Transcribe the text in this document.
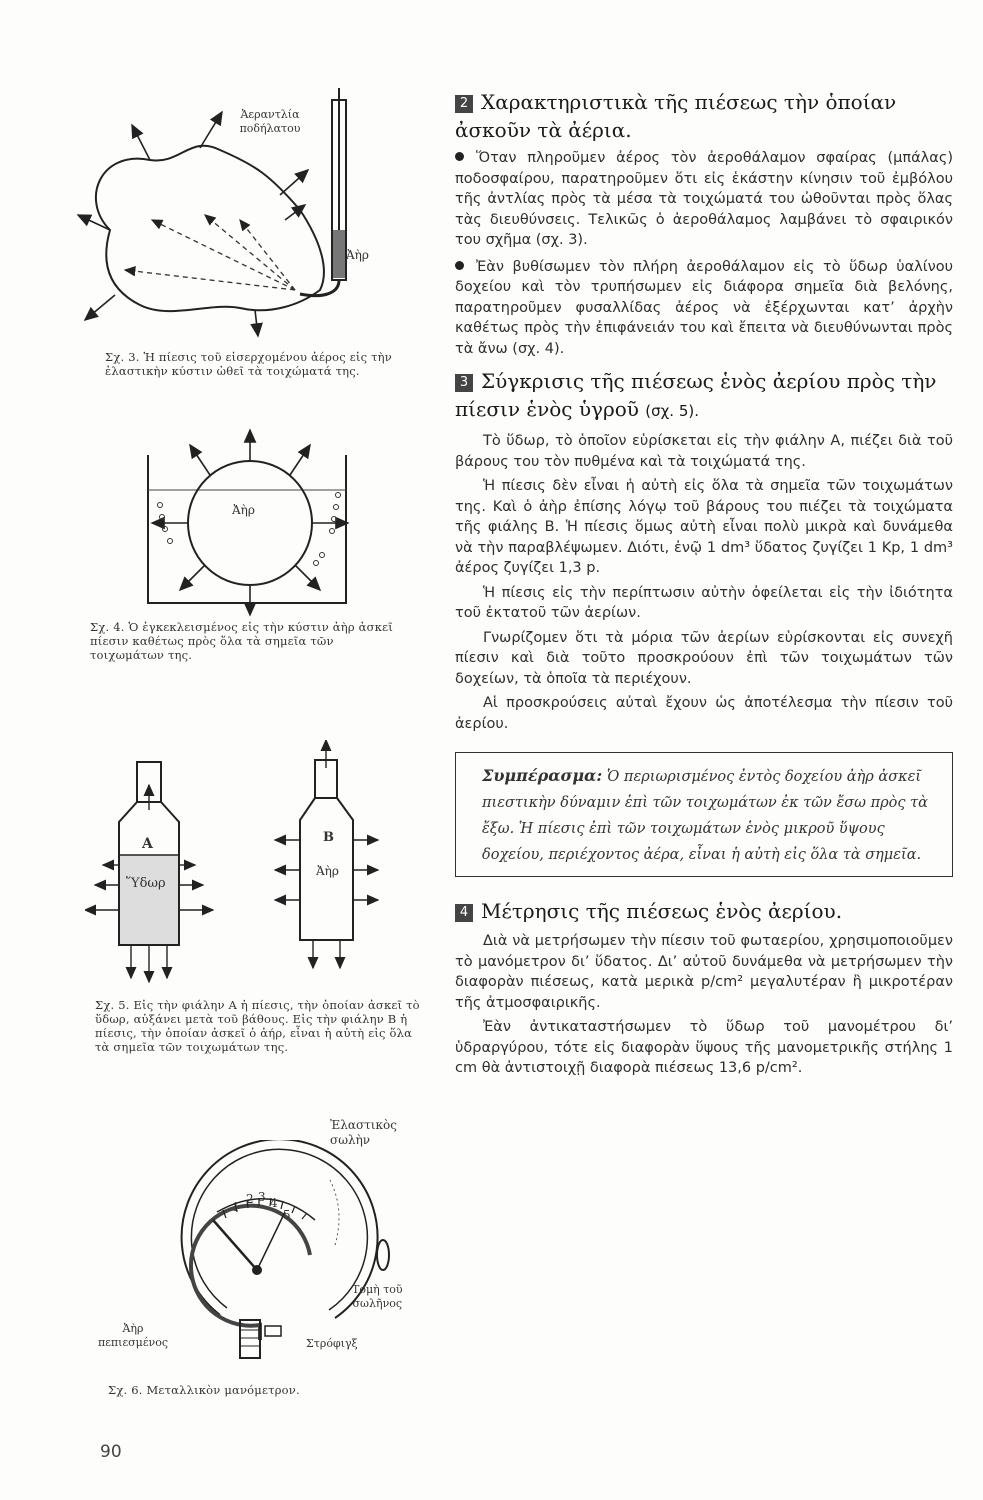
Ἀεραντλία
ποδήλατου
Ἀὴρ
Σχ. 3. Ἡ πίεσις τοῦ εἰσερχομένου ἀέρος εἰς τὴν ἐλαστικὴν κύστιν ὠθεῖ τὰ τοιχώματά της.
Ἀὴρ
Σχ. 4. Ὁ ἐγκεκλεισμένος εἰς τὴν κύστιν ἀὴρ ἀσκεῖ πίεσιν καθέτως πρὸς ὅλα τὰ σημεῖα τῶν τοιχωμάτων της.
Α
Ὕδωρ
Β
Ἀὴρ
Σχ. 5. Εἰς τὴν φιάλην Α ἡ πίεσις, τὴν ὁποίαν ἀσκεῖ τὸ ὕδωρ, αὐξάνει μετὰ τοῦ βάθους. Εἰς τὴν φιάλην Β ἡ πίεσις, τὴν ὁποίαν ἀσκεῖ ὁ ἀήρ, εἶναι ἡ αὐτὴ εἰς ὅλα τὰ σημεῖα τῶν τοιχωμάτων της.
1
2 3 4
5
Ἐλαστικὸς
σωλὴν
Τομὴ τοῦ
σωλῆνος
Ἀὴρ
πεπιεσμένος	Στρόφιγξ
Σχ. 6. Μεταλλικὸν μανόμετρον.
90
2 Χαρακτηριστικὰ τῆς πιέσεως τὴν ὁποίαν ἀσκοῦν τὰ ἀέρια.
Ὅταν πληροῦμεν ἀέρος τὸν ἀεροθάλαμον σφαίρας (μπάλας) ποδοσφαίρου, παρατηροῦμεν ὅτι εἰς ἑκάστην κίνησιν τοῦ ἐμβόλου τῆς ἀντλίας πρὸς τὰ μέσα τὰ τοιχώματά του ὠθοῦνται πρὸς ὅλας τὰς διευθύνσεις. Τελικῶς ὁ ἀεροθάλαμος λαμβάνει τὸ σφαιρικόν του σχῆμα (σχ. 3).
Ἐὰν βυθίσωμεν τὸν πλήρη ἀεροθάλαμον εἰς τὸ ὕδωρ ὑαλίνου δοχείου καὶ τὸν τρυπήσωμεν εἰς διάφορα σημεῖα διὰ βελόνης, παρατηροῦμεν φυσαλλίδας ἀέρος νὰ ἐξέρχωνται κατ’ ἀρχὴν καθέτως πρὸς τὴν ἐπιφάνειάν του καὶ ἔπειτα νὰ διευθύνωνται πρὸς τὰ ἄνω (σχ. 4).
3 Σύγκρισις τῆς πιέσεως ἑνὸς ἀερίου πρὸς τὴν πίεσιν ἑνὸς ὑγροῦ (σχ. 5).
Τὸ ὕδωρ, τὸ ὁποῖον εὑρίσκεται εἰς τὴν φιάλην Α, πιέζει διὰ τοῦ βάρους του τὸν πυθμένα καὶ τὰ τοιχώματά της.
Ἡ πίεσις δὲν εἶναι ἡ αὐτὴ εἰς ὅλα τὰ σημεῖα τῶν τοιχωμάτων της. Καὶ ὁ ἀὴρ ἐπίσης λόγῳ τοῦ βάρους του πιέζει τὰ τοιχώματα τῆς φιάλης Β. Ἡ πίεσις ὅμως αὐτὴ εἶναι πολὺ μικρὰ καὶ δυνάμεθα νὰ τὴν παραβλέψωμεν. Διότι, ἐνῷ 1 dm³ ὕδατος ζυγίζει 1 Kp, 1 dm³ ἀέρος ζυγίζει 1,3 p.
Ἡ πίεσις εἰς τὴν περίπτωσιν αὐτὴν ὀφείλεται εἰς τὴν ἰδιότητα τοῦ ἐκτατοῦ τῶν ἀερίων.
Γνωρίζομεν ὅτι τὰ μόρια τῶν ἀερίων εὑρίσκονται εἰς συνεχῆ πίεσιν καὶ διὰ τοῦτο προσκρούουν ἐπὶ τῶν τοιχωμάτων τῶν δοχείων, τὰ ὁποῖα τὰ περιέχουν.
Αἱ προσκρούσεις αὐταὶ ἔχουν ὡς ἀποτέλεσμα τὴν πίεσιν τοῦ ἀερίου.
Συμπέρασμα: Ὁ περιωρισμένος ἐντὸς δοχείου ἀὴρ ἀσκεῖ πιεστικὴν δύναμιν ἐπὶ τῶν τοιχωμάτων ἐκ τῶν ἔσω πρὸς τὰ ἔξω. Ἡ πίεσις ἐπὶ τῶν τοιχωμάτων ἑνὸς μικροῦ ὕψους δοχείου, περιέχοντος ἀέρα, εἶναι ἡ αὐτὴ εἰς ὅλα τὰ σημεῖα.
4 Μέτρησις τῆς πιέσεως ἑνὸς ἀερίου.
Διὰ νὰ μετρήσωμεν τὴν πίεσιν τοῦ φωταερίου, χρησιμοποιοῦμεν τὸ μανόμετρον δι’ ὕδατος. Δι’ αὐτοῦ δυνάμεθα νὰ μετρήσωμεν τὴν διαφορὰν πιέσεως, κατὰ μερικὰ p/cm² μεγαλυτέραν ἢ μικροτέραν τῆς ἀτμοσφαιρικῆς.
Ἐὰν ἀντικαταστήσωμεν τὸ ὕδωρ τοῦ μανομέτρου δι’ ὑδραργύρου, τότε εἰς διαφορὰν ὕψους τῆς μανομετρικῆς στήλης 1 cm θὰ ἀντιστοιχῇ διαφορὰ πιέσεως 13,6 p/cm².
